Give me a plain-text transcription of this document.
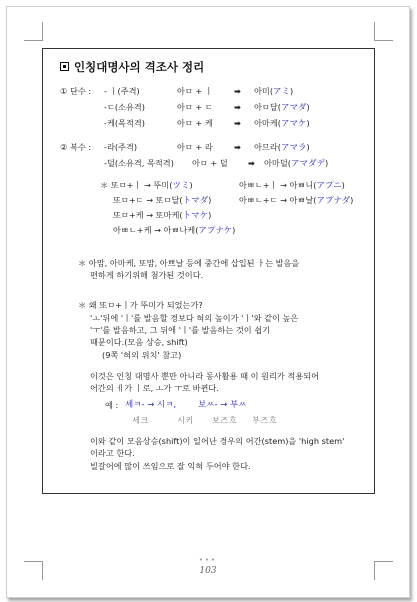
인칭대명사의 격조사 정리
① 단수 : - ㅣ(주격)	아ㅁ + ㅣ	➡ 아미(アミ)
-ㄷ(소유격)	아ㅁ + ㄷ	➡ 아ㅁ달(アマダ)
-케(목적격)	아ㅁ + 케	➡ 아마케(アマケ)
② 복수 : -라(주격)	아ㅁ + 라	➡ 아므라(アマラ)
-덜(소유격, 목적격) 아ㅁ + 덜 ➡ 아마덜(アマダデ)
＊ 또ㅁ+ㅣ → 뚜미(ツミ)	아ㅃㄴ+ㅣ → 아ㅃ니(アプニ)
또ㅁ+ㄷ → 또ㅁ달(トマダ)	아ㅃㄴ+ㄷ → 아ㅃ날(アプナダ)
또ㅁ+케 → 또마케(トマケ)
아ㅃㄴ+케 → 아ㅃ나케(アプナケ)
＊ 아맘, 아마케, 또맘, 아쁘날 등에 중간에 삽입된 ㅏ는 발음을
편하게 하기위해 첨가된 것이다.
＊ 왜 또ㅁ+ㅣ가 뚜미가 되었는가?
'ㅗ'뒤에 'ㅣ'를 발음할 경보다 혀의 높이가 'ㅣ'와 같이 높은
'ㅜ'를 발음하고, 그 뒤에 'ㅣ'를 발음하는 것이 쉽기
때문이다.(모음 상승, shift)
(9쪽 '혀의 위치' 참고)
이것은 인칭 대명사 뿐만 아니라 동사활용 때 이 원리가 적용되어
어간의 ㅔ가 ㅣ로, ㅗ가 ㅜ로 바뀐다.
예 : 셰ㅋ- → 시ㅋ,	보ㅆ- → 부ㅆ
세크	시키 보즈흐 부즈흐
이와 같이 모음상승(shift)이 일어난 경우의 어간(stem)을 'high stem'
이라고 한다.
빌갈어에 많이 쓰임으로 잘 익혀 두어야 한다.
•••
103
